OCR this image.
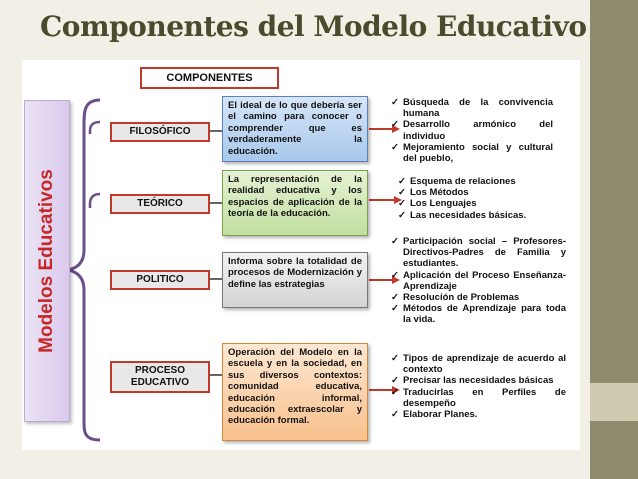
Componentes del Modelo Educativo
COMPONENTES
Modelos Educativos
FILOSÓFICO
TEÓRICO
POLITICO
PROCESO EDUCATIVO
El ideal de lo que debería ser el camino para conocer o comprender que es verdaderamente la educación.
La representación de la realidad educativa y los espacios de aplicación de la teoría de la educación.
Informa sobre la totalidad de procesos de Modernización y define las estrategias
Operación del Modelo en la escuela y en la sociedad, en sus diversos contextos: comunidad educativa, educación informal, educación extraescolar y educación formal.
✓ Búsqueda de la convivencia humana
✓ Desarrollo armónico del individuo
✓ Mejoramiento social y cultural del pueblo,
✓ Esquema de relaciones
✓ Los Métodos
✓ Los Lenguajes
✓ Las necesidades básicas.
✓ Participación social – Profesores-Directivos-Padres de Familia y estudiantes.
✓ Aplicación del Proceso Enseñanza-Aprendizaje
✓ Resolución de Problemas
✓ Métodos de Aprendizaje para toda la vida.
✓ Tipos de aprendizaje de acuerdo al contexto
✓ Precisar las necesidades básicas
✓ Traducirlas en Perfiles de desempeño
✓ Elaborar Planes.
